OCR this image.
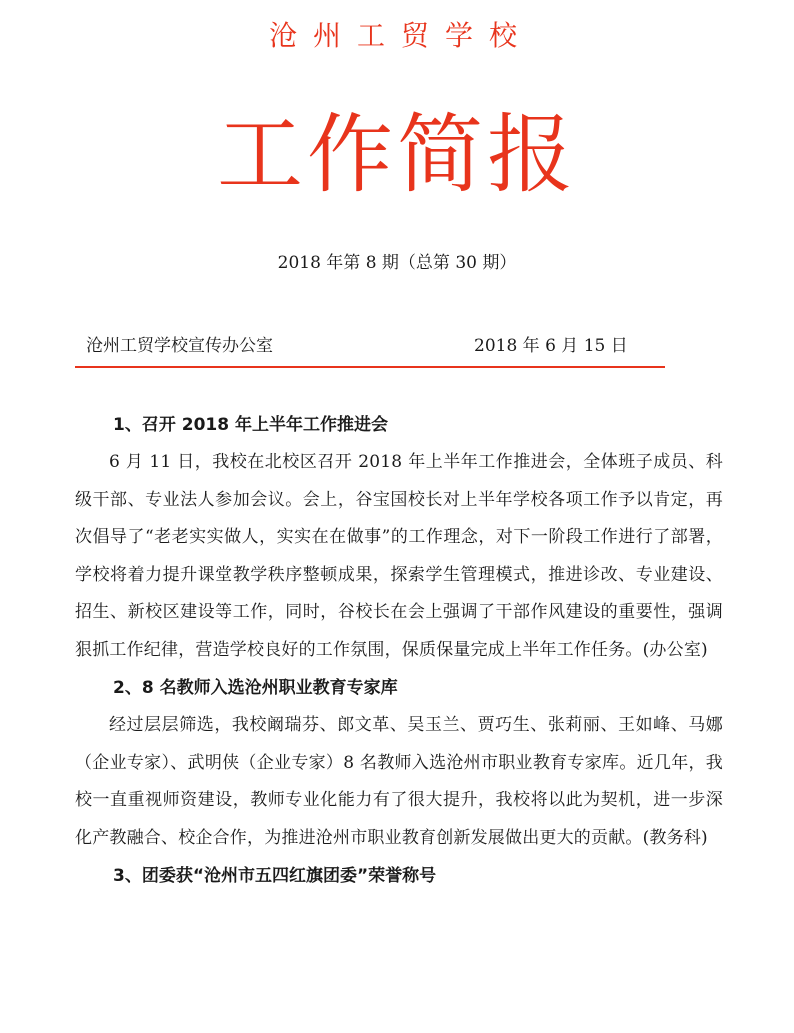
沧州工贸学校
工作简报
2018 年第 8 期（总第 30 期）
沧州工贸学校宣传办公室	2018 年 6 月 15 日
1、召开 2018 年上半年工作推进会

6 月 11 日，我校在北校区召开 2018 年上半年工作推进会，全体班子成员、科级干部、专业法人参加会议。会上，谷宝国校长对上半年学校各项工作予以肯定，再次倡导了“老老实实做人，实实在在做事”的工作理念，对下一阶段工作进行了部署，学校将着力提升课堂教学秩序整顿成果，探索学生管理模式，推进诊改、专业建设、招生、新校区建设等工作，同时，谷校长在会上强调了干部作风建设的重要性，强调狠抓工作纪律，营造学校良好的工作氛围，保质保量完成上半年工作任务。(办公室)

2、8 名教师入选沧州职业教育专家库

经过层层筛选，我校阚瑞芬、郎文革、吴玉兰、贾巧生、张莉丽、王如峰、马娜（企业专家）、武明侠（企业专家）8 名教师入选沧州市职业教育专家库。近几年，我校一直重视师资建设，教师专业化能力有了很大提升，我校将以此为契机，进一步深化产教融合、校企合作，为推进沧州市职业教育创新发展做出更大的贡献。(教务科)

3、团委获“沧州市五四红旗团委”荣誉称号
